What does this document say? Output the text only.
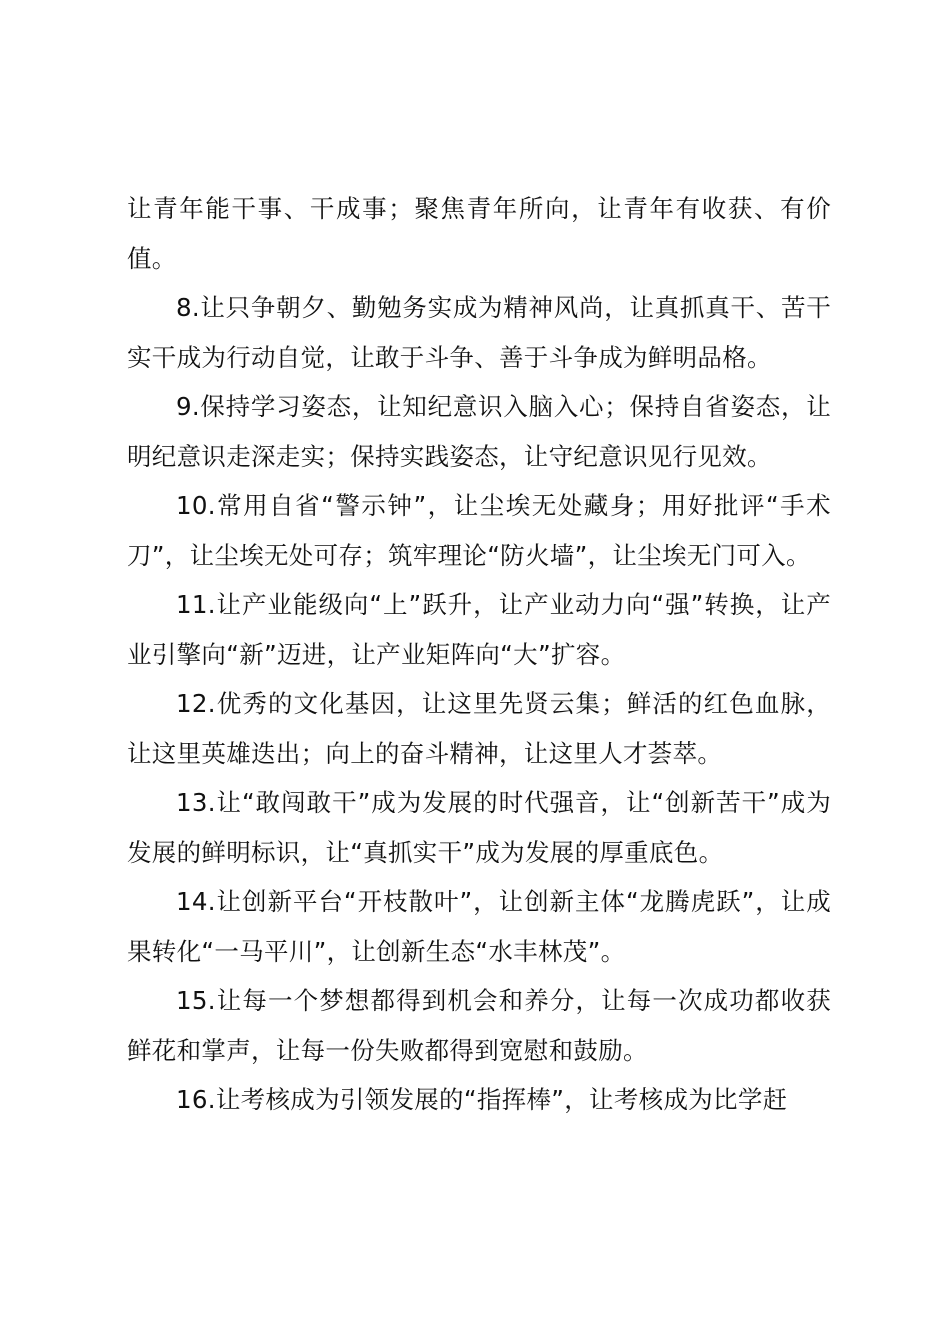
让青年能干事、干成事；聚焦青年所向，让青年有收获、有价值。

8.让只争朝夕、勤勉务实成为精神风尚，让真抓真干、苦干实干成为行动自觉，让敢于斗争、善于斗争成为鲜明品格。

9.保持学习姿态，让知纪意识入脑入心；保持自省姿态，让明纪意识走深走实；保持实践姿态，让守纪意识见行见效。

10.常用自省“警示钟”，让尘埃无处藏身；用好批评“手术刀”，让尘埃无处可存；筑牢理论“防火墙”，让尘埃无门可入。

11.让产业能级向“上”跃升，让产业动力向“强”转换，让产业引擎向“新”迈进，让产业矩阵向“大”扩容。

12.优秀的文化基因，让这里先贤云集；鲜活的红色血脉，让这里英雄迭出；向上的奋斗精神，让这里人才荟萃。

13.让“敢闯敢干”成为发展的时代强音，让“创新苦干”成为发展的鲜明标识，让“真抓实干”成为发展的厚重底色。

14.让创新平台“开枝散叶”，让创新主体“龙腾虎跃”，让成果转化“一马平川”，让创新生态“水丰林茂”。

15.让每一个梦想都得到机会和养分，让每一次成功都收获鲜花和掌声，让每一份失败都得到宽慰和鼓励。

16.让考核成为引领发展的“指挥棒”，让考核成为比学赶
